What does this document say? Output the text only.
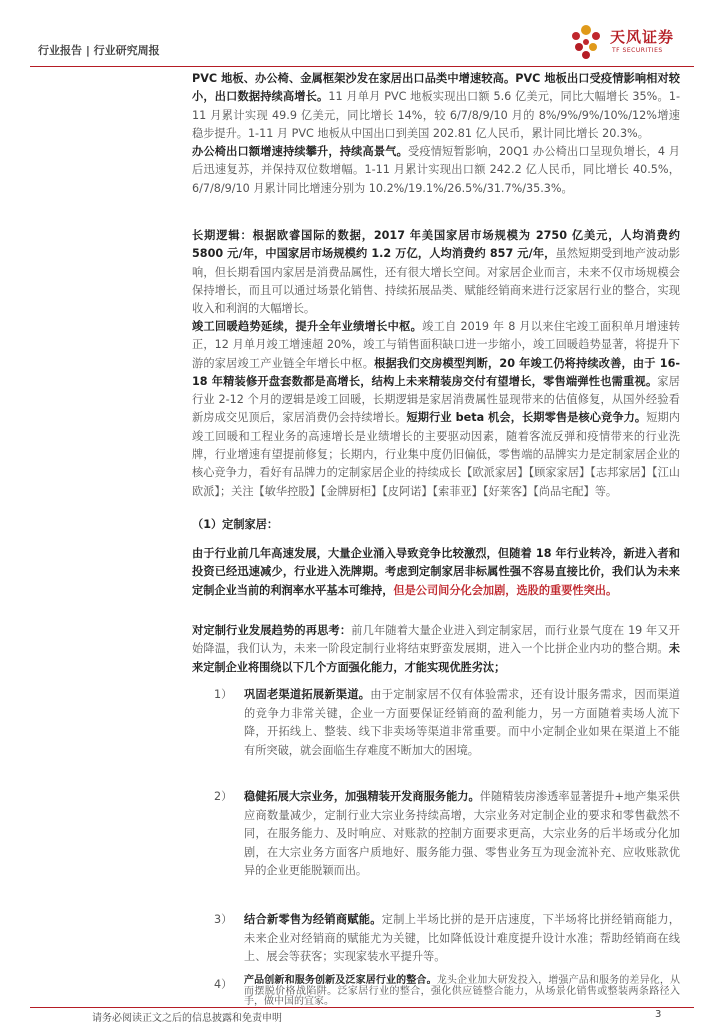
行业报告 | 行业研究周报
天风证券
TF SECURITIES

PVC 地板、办公椅、金属框架沙发在家居出口品类中增速较高。PVC 地板出口受疫情影响相对较小，出口数据持续高增长。11 月单月 PVC 地板实现出口额 5.6 亿美元，同比大幅增长 35%。1-11 月累计实现 49.9 亿美元，同比增长 14%，较 6/7/8/9/10 月的 8%/9%/9%/10%/12%增速稳步提升。1-11 月 PVC 地板从中国出口到美国 202.81 亿人民币，累计同比增长 20.3%。

办公椅出口额增速持续攀升，持续高景气。受疫情短暂影响，20Q1 办公椅出口呈现负增长，4 月后迅速复苏，并保持双位数增幅。1-11 月累计实现出口额 242.2 亿人民币，同比增长 40.5%，6/7/8/9/10 月累计同比增速分别为 10.2%/19.1%/26.5%/31.7%/35.3%。

长期逻辑：根据欧睿国际的数据，2017 年美国家居市场规模为 2750 亿美元，人均消费约 5800 元/年，中国家居市场规模约 1.2 万亿，人均消费约 857 元/年，虽然短期受到地产波动影响，但长期看国内家居是消费品属性，还有很大增长空间。对家居企业而言，未来不仅市场规模会保持增长，而且可以通过场景化销售、持续拓展品类、赋能经销商来进行泛家居行业的整合，实现收入和利润的大幅增长。

竣工回暖趋势延续，提升全年业绩增长中枢。竣工自 2019 年 8 月以来住宅竣工面积单月增速转正，12 月单月竣工增速超 20%，竣工与销售面积缺口进一步缩小，竣工回暖趋势显著，将提升下游的家居竣工产业链全年增长中枢。根据我们交房模型判断，20 年竣工仍将持续改善，由于 16-18 年精装修开盘套数都是高增长，结构上未来精装房交付有望增长，零售端弹性也需重视。家居行业 2-12 个月的逻辑是竣工回暖，长期逻辑是家居消费属性显现带来的估值修复，从国外经验看新房成交见顶后，家居消费仍会持续增长。短期行业 beta 机会，长期零售是核心竞争力。短期内竣工回暖和工程业务的高速增长是业绩增长的主要驱动因素，随着客流反弹和疫情带来的行业洗牌，行业增速有望提前修复；长期内，行业集中度仍旧偏低，零售端的品牌实力是定制家居企业的核心竞争力，看好有品牌力的定制家居企业的持续成长【欧派家居】【顾家家居】【志邦家居】【江山欧派】；关注【敏华控股】【金牌厨柜】【皮阿诺】【索菲亚】【好莱客】【尚品宅配】等。

（1）定制家居：

由于行业前几年高速发展，大量企业涌入导致竞争比较激烈，但随着 18 年行业转冷，新进入者和投资已经迅速减少，行业进入洗牌期。考虑到定制家居非标属性强不容易直接比价，我们认为未来定制企业当前的利润率水平基本可维持，但是公司间分化会加剧，选股的重要性突出。

对定制行业发展趋势的再思考：前几年随着大量企业进入到定制家居，而行业景气度在 19 年又开始降温，我们认为，未来一阶段定制行业将结束野蛮发展期，进入一个比拼企业内功的整合期。未来定制企业将围绕以下几个方面强化能力，才能实现优胜劣汰；

1）	巩固老渠道拓展新渠道。由于定制家居不仅有体验需求，还有设计服务需求，因而渠道的竞争力非常关键，企业一方面要保证经销商的盈利能力，另一方面随着卖场人流下降，开拓线上、整装、线下非卖场等渠道非常重要。而中小定制企业如果在渠道上不能有所突破，就会面临生存难度不断加大的困境。
2）	稳健拓展大宗业务，加强精装开发商服务能力。伴随精装房渗透率显著提升+地产集采供应商数量减少，定制行业大宗业务持续高增，大宗业务对定制企业的要求和零售截然不同，在服务能力、及时响应、对账款的控制方面要求更高，大宗业务的后半场或分化加剧，在大宗业务方面客户质地好、服务能力强、零售业务互为现金流补充、应收账款优异的企业更能脱颖而出。
3）	结合新零售为经销商赋能。定制上半场比拼的是开店速度，下半场将比拼经销商能力，未来企业对经销商的赋能尤为关键，比如降低设计难度提升设计水准；帮助经销商在线上、展会等获客；实现家装水平提升等。
4）	产品创新和服务创新及泛家居行业的整合。龙头企业加大研发投入，增强产品和服务的差异化，从而摆脱价格战陷阱。泛家居行业的整合，强化供应链整合能力，从场景化销售或整装两条路径入手，做中国的宜家。
请务必阅读正文之后的信息披露和免责申明	3
